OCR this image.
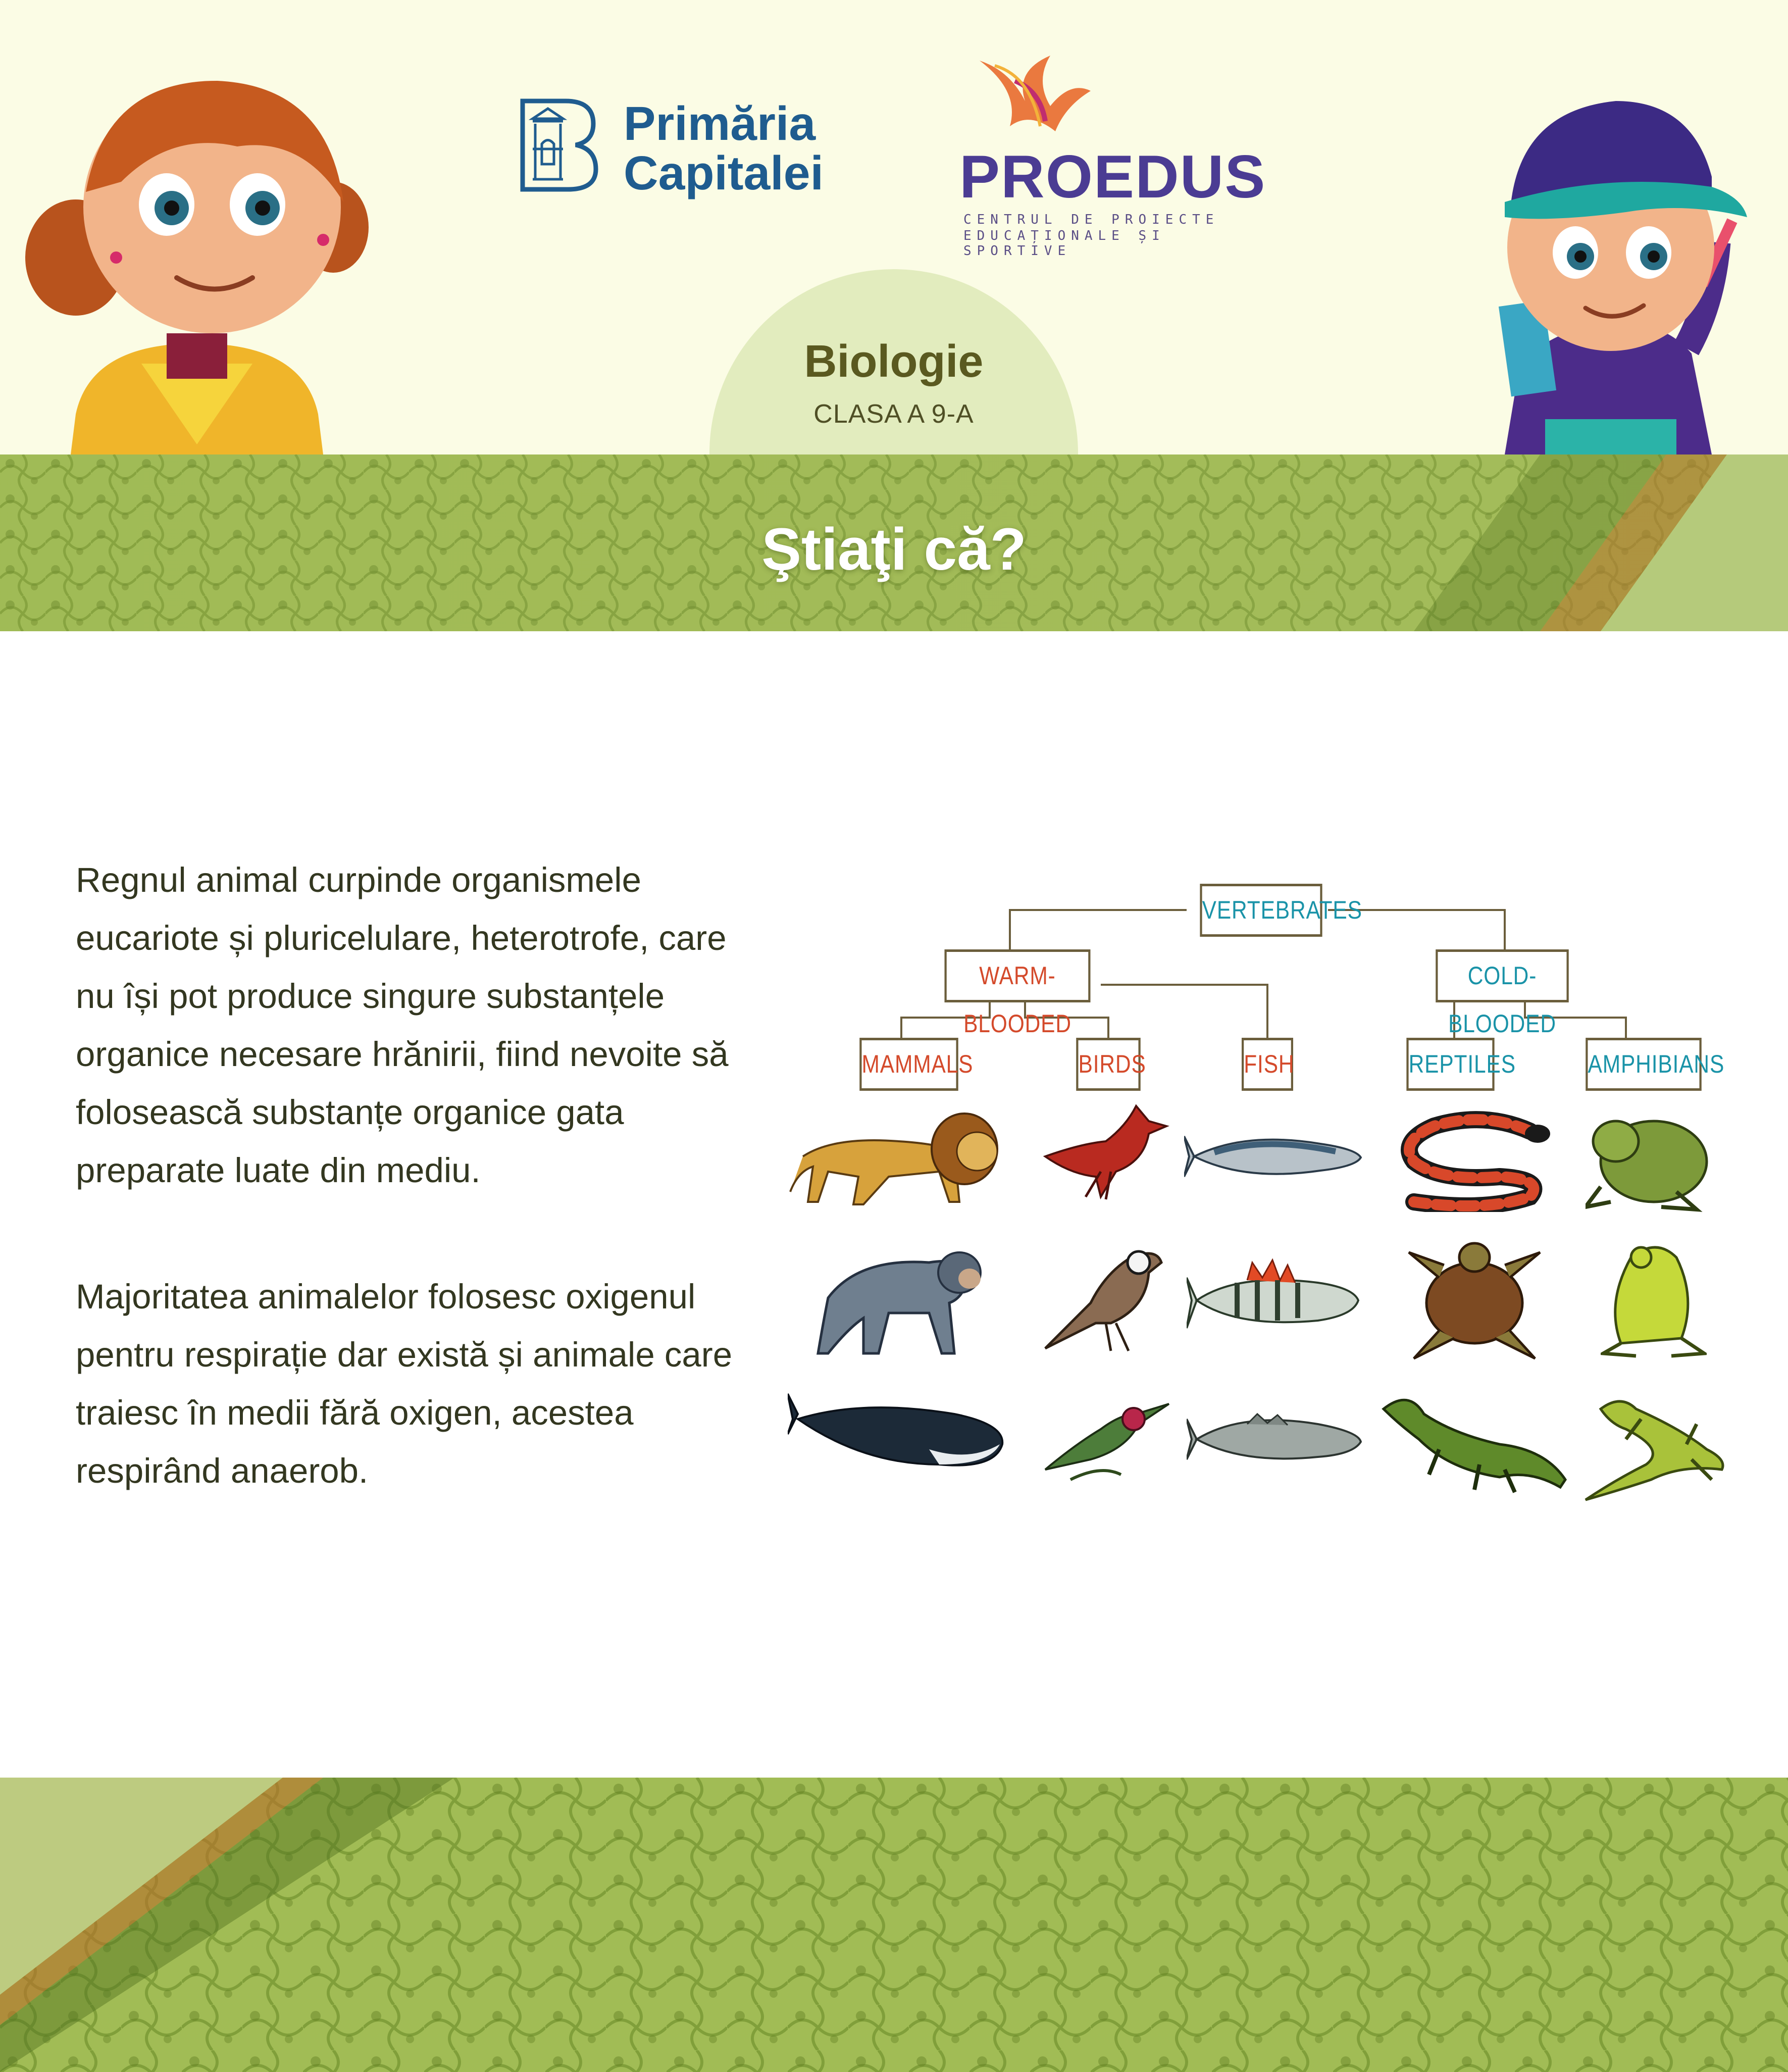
Primăria
Capitalei PROEDUS
CENTRUL DE PROIECTE
EDUCAȚIONALE ȘI SPORTIVE
Biologie
CLASA A 9-A
Ştiaţi că?

Regnul animal curpinde organismele eucariote și pluricelulare, heterotrofe, care nu își pot produce singure substanțele organice necesare hrănirii, fiind nevoite să folosească substanțe organice gata preparate luate din mediu.

Majoritatea animalelor folosesc oxigenul pentru respirație dar există și animale care traiesc în medii fără oxigen, acestea respirând anaerob.

VERTEBRATES
WARM-BLOODED
COLD-BLOODED
MAMMALS	BIRDS	FISH	REPTILES	AMPHIBIANS
